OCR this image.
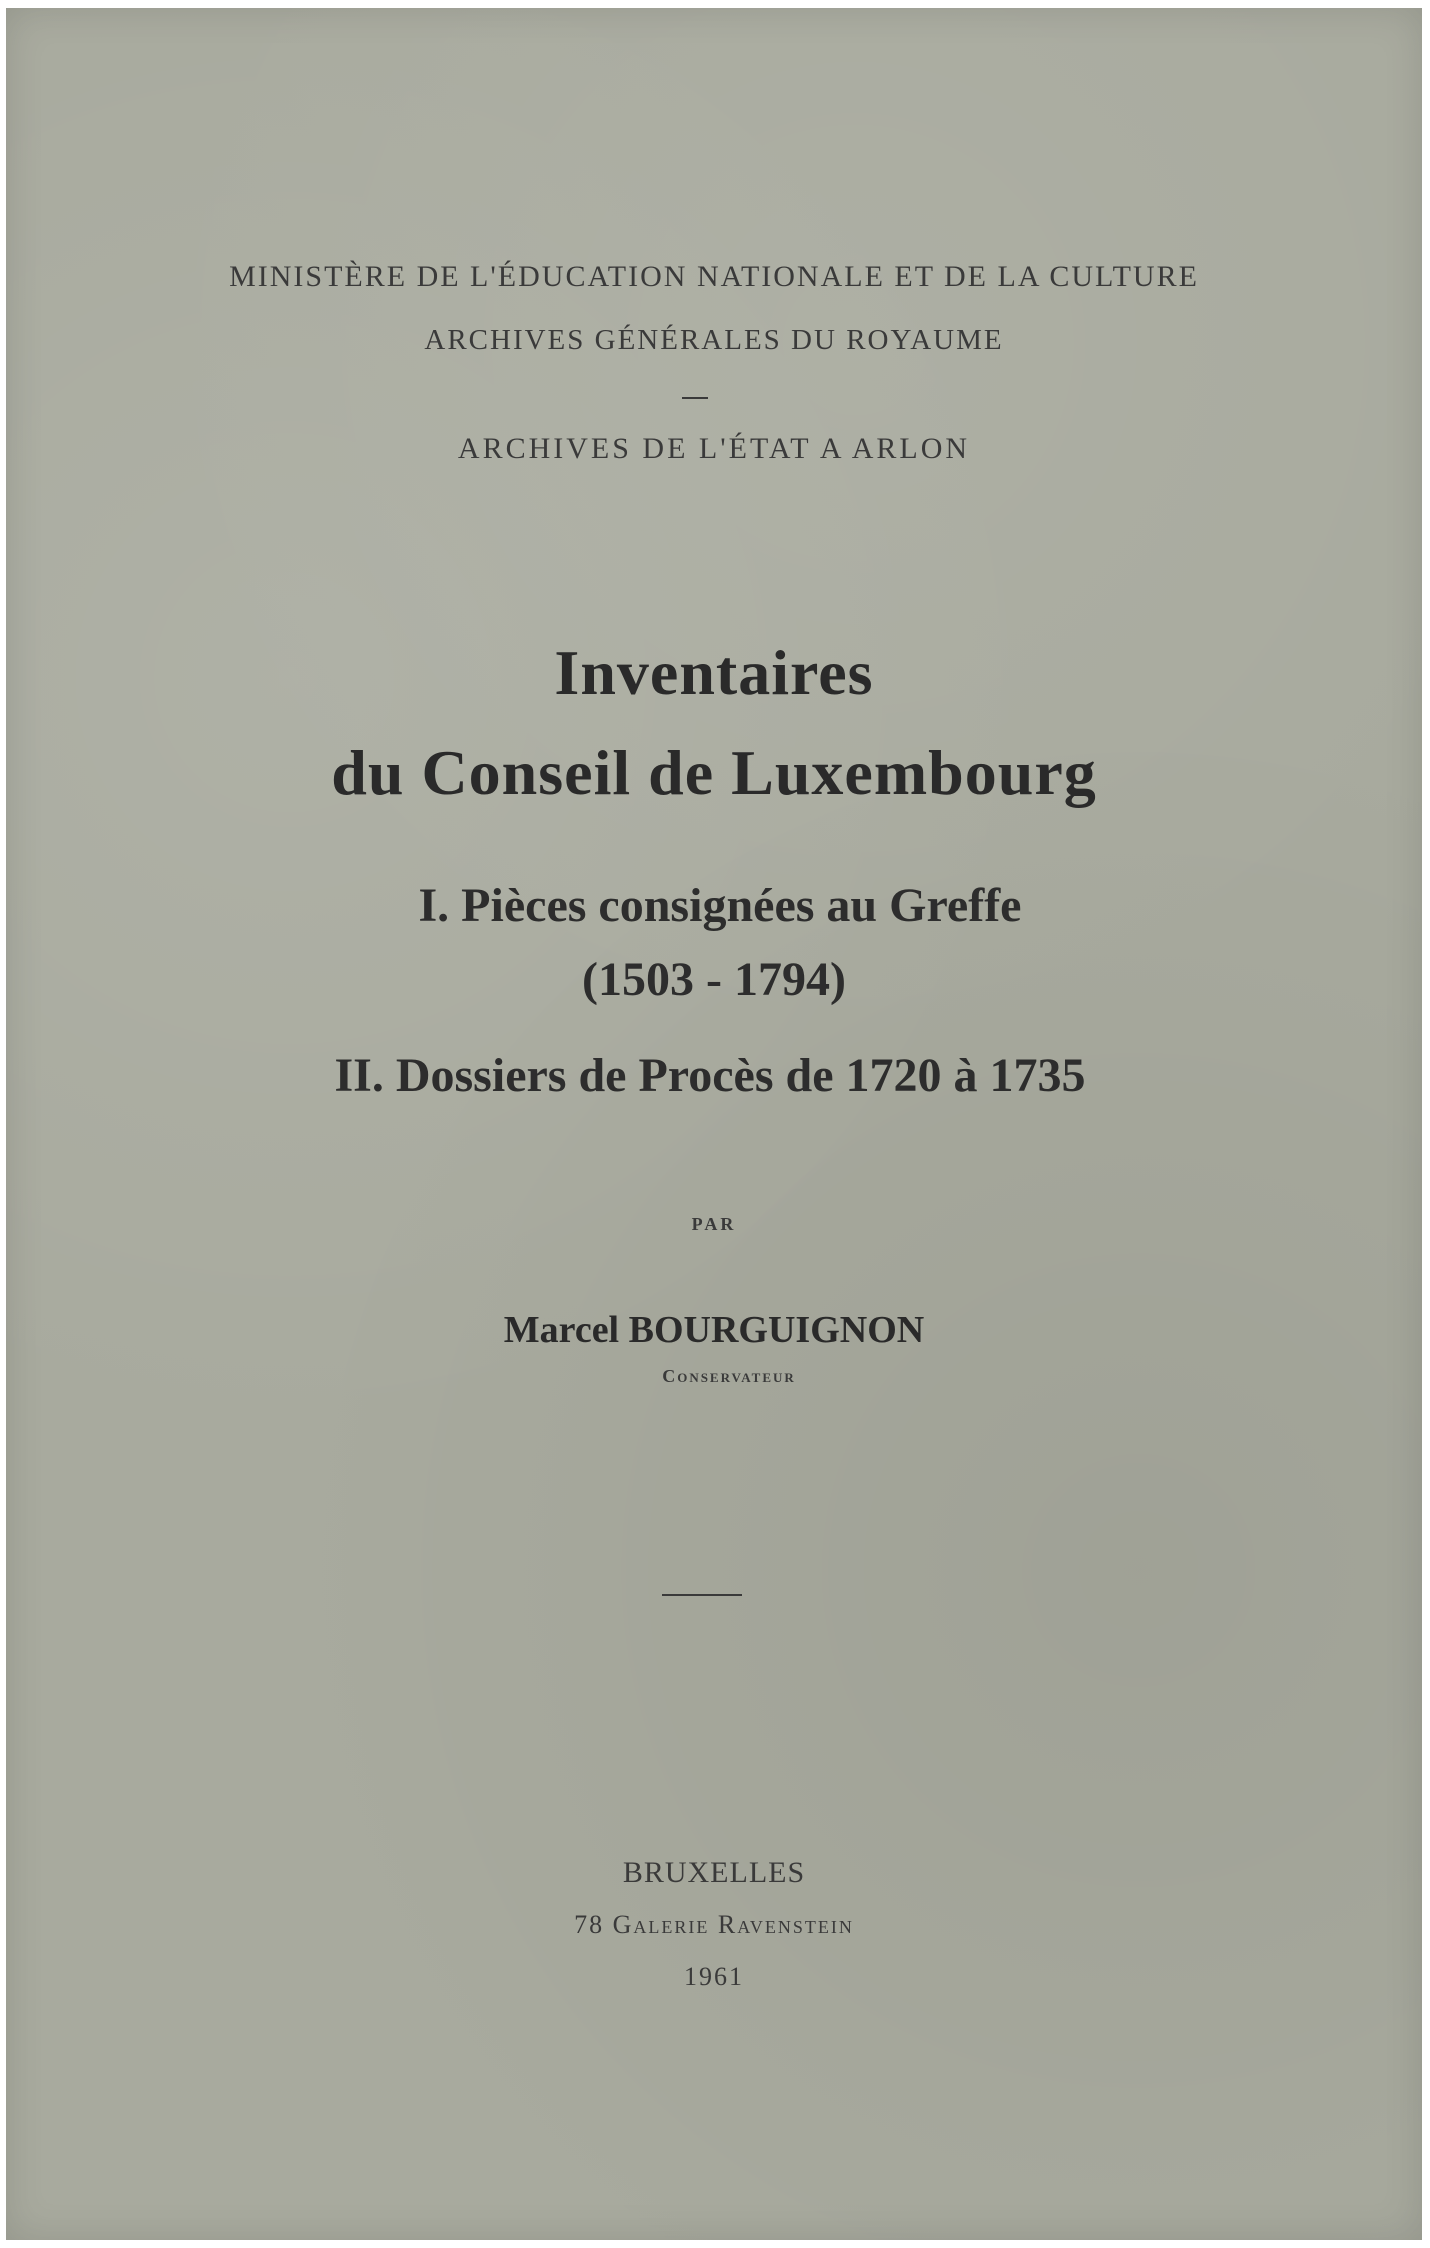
MINISTÈRE DE L'ÉDUCATION NATIONALE ET DE LA CULTURE
ARCHIVES GÉNÉRALES DU ROYAUME
ARCHIVES DE L'ÉTAT A ARLON
Inventaires
du Conseil de Luxembourg
I. Pièces consignées au Greffe
(1503 - 1794)
II. Dossiers de Procès de 1720 à 1735
PAR
Marcel BOURGUIGNON
Conservateur
BRUXELLES
78 Galerie Ravenstein
1961
